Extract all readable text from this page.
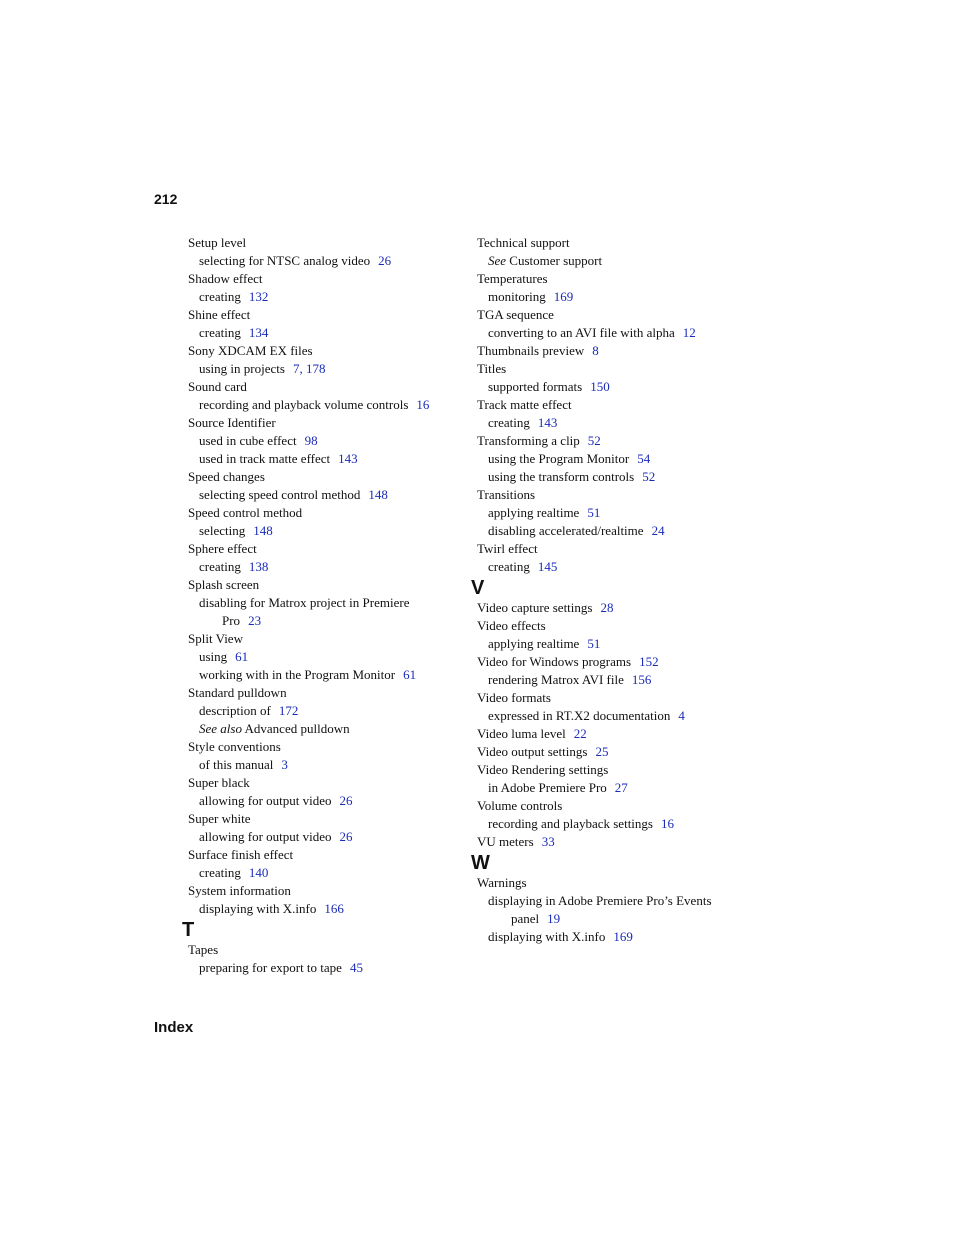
212
Setup level
selecting for NTSC analog video 26
Shadow effect
creating 132
Shine effect
creating 134
Sony XDCAM EX files
using in projects 7, 178
Sound card
recording and playback volume controls 16
Source Identifier
used in cube effect 98
used in track matte effect 143
Speed changes
selecting speed control method 148
Speed control method
selecting 148
Sphere effect
creating 138
Splash screen
disabling for Matrox project in Premiere
Pro 23
Split View
using 61
working with in the Program Monitor 61
Standard pulldown
description of 172
See also Advanced pulldown
Style conventions
of this manual 3
Super black
allowing for output video 26
Super white
allowing for output video 26
Surface finish effect
creating 140
System information
displaying with X.info 166
T
Tapes
preparing for export to tape 45
Technical support
See Customer support
Temperatures
monitoring 169
TGA sequence
converting to an AVI file with alpha 12
Thumbnails preview 8
Titles
supported formats 150
Track matte effect
creating 143
Transforming a clip 52
using the Program Monitor 54
using the transform controls 52
Transitions
applying realtime 51
disabling accelerated/realtime 24
Twirl effect
creating 145
V
Video capture settings 28
Video effects
applying realtime 51
Video for Windows programs 152
rendering Matrox AVI file 156
Video formats
expressed in RT.X2 documentation 4
Video luma level 22
Video output settings 25
Video Rendering settings
in Adobe Premiere Pro 27
Volume controls
recording and playback settings 16
VU meters 33
W
Warnings
displaying in Adobe Premiere Pro’s Events
panel 19
displaying with X.info 169
Index
